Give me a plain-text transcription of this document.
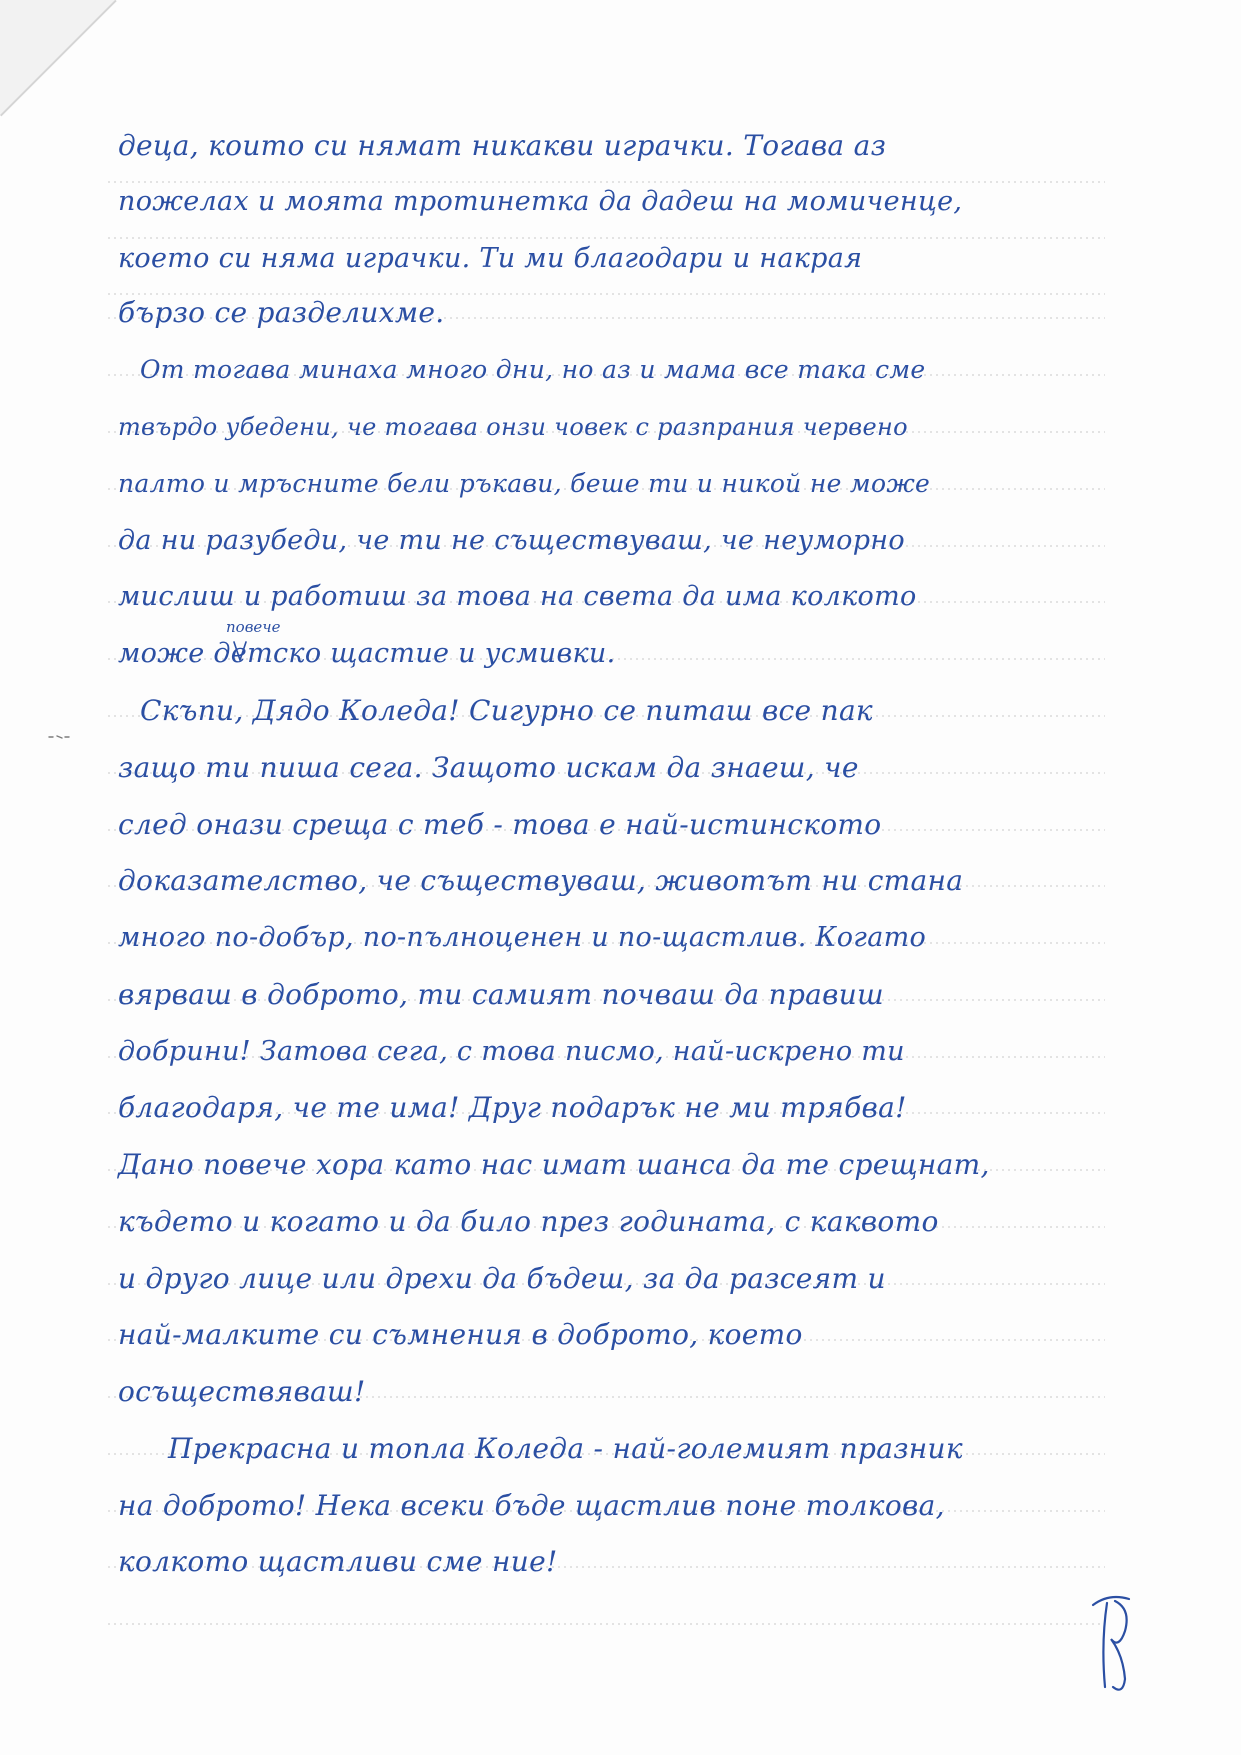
деца, които си нямат никакви играчки. Тогава аз
пожелах и моята тротинетка да дадеш на момиченце,
което си няма играчки. Ти ми благодари и накрая
бързо се разделихме.
От тогава минаха много дни, но аз и мама все така сме
твърдо убедени, че тогава онзи човек с разпрания червено
палто и мръсните бели ръкави, беше ти и никой не може
да ни разубеди, че ти не съществуваш, че неуморно
мислиш и работиш за това на света да има колкото
може детско щастие и усмивки.
Скъпи, Дядо Коледа! Сигурно се питаш все пак
защо ти пиша сега. Защото искам да знаеш, че
след онази среща с теб - това е най-истинското
доказателство, че съществуваш, животът ни стана
много по-добър, по-пълноценен и по-щастлив. Когато
вярваш в доброто, ти самият почваш да правиш
добрини! Затова сега, с това писмо, най-искрено ти
благодаря, че те има! Друг подарък не ми трябва!
Дано повече хора като нас имат шанса да те срещнат,
където и когато и да било през годината, с каквото
и друго лице или дрехи да бъдеш, за да разсеят и
най-малките си съмнения в доброто, което
осъществяваш!
Прекрасна и топла Коледа - най-големият празник
на доброто! Нека всеки бъде щастлив поне толкова,
колкото щастливи сме ние!
повече
